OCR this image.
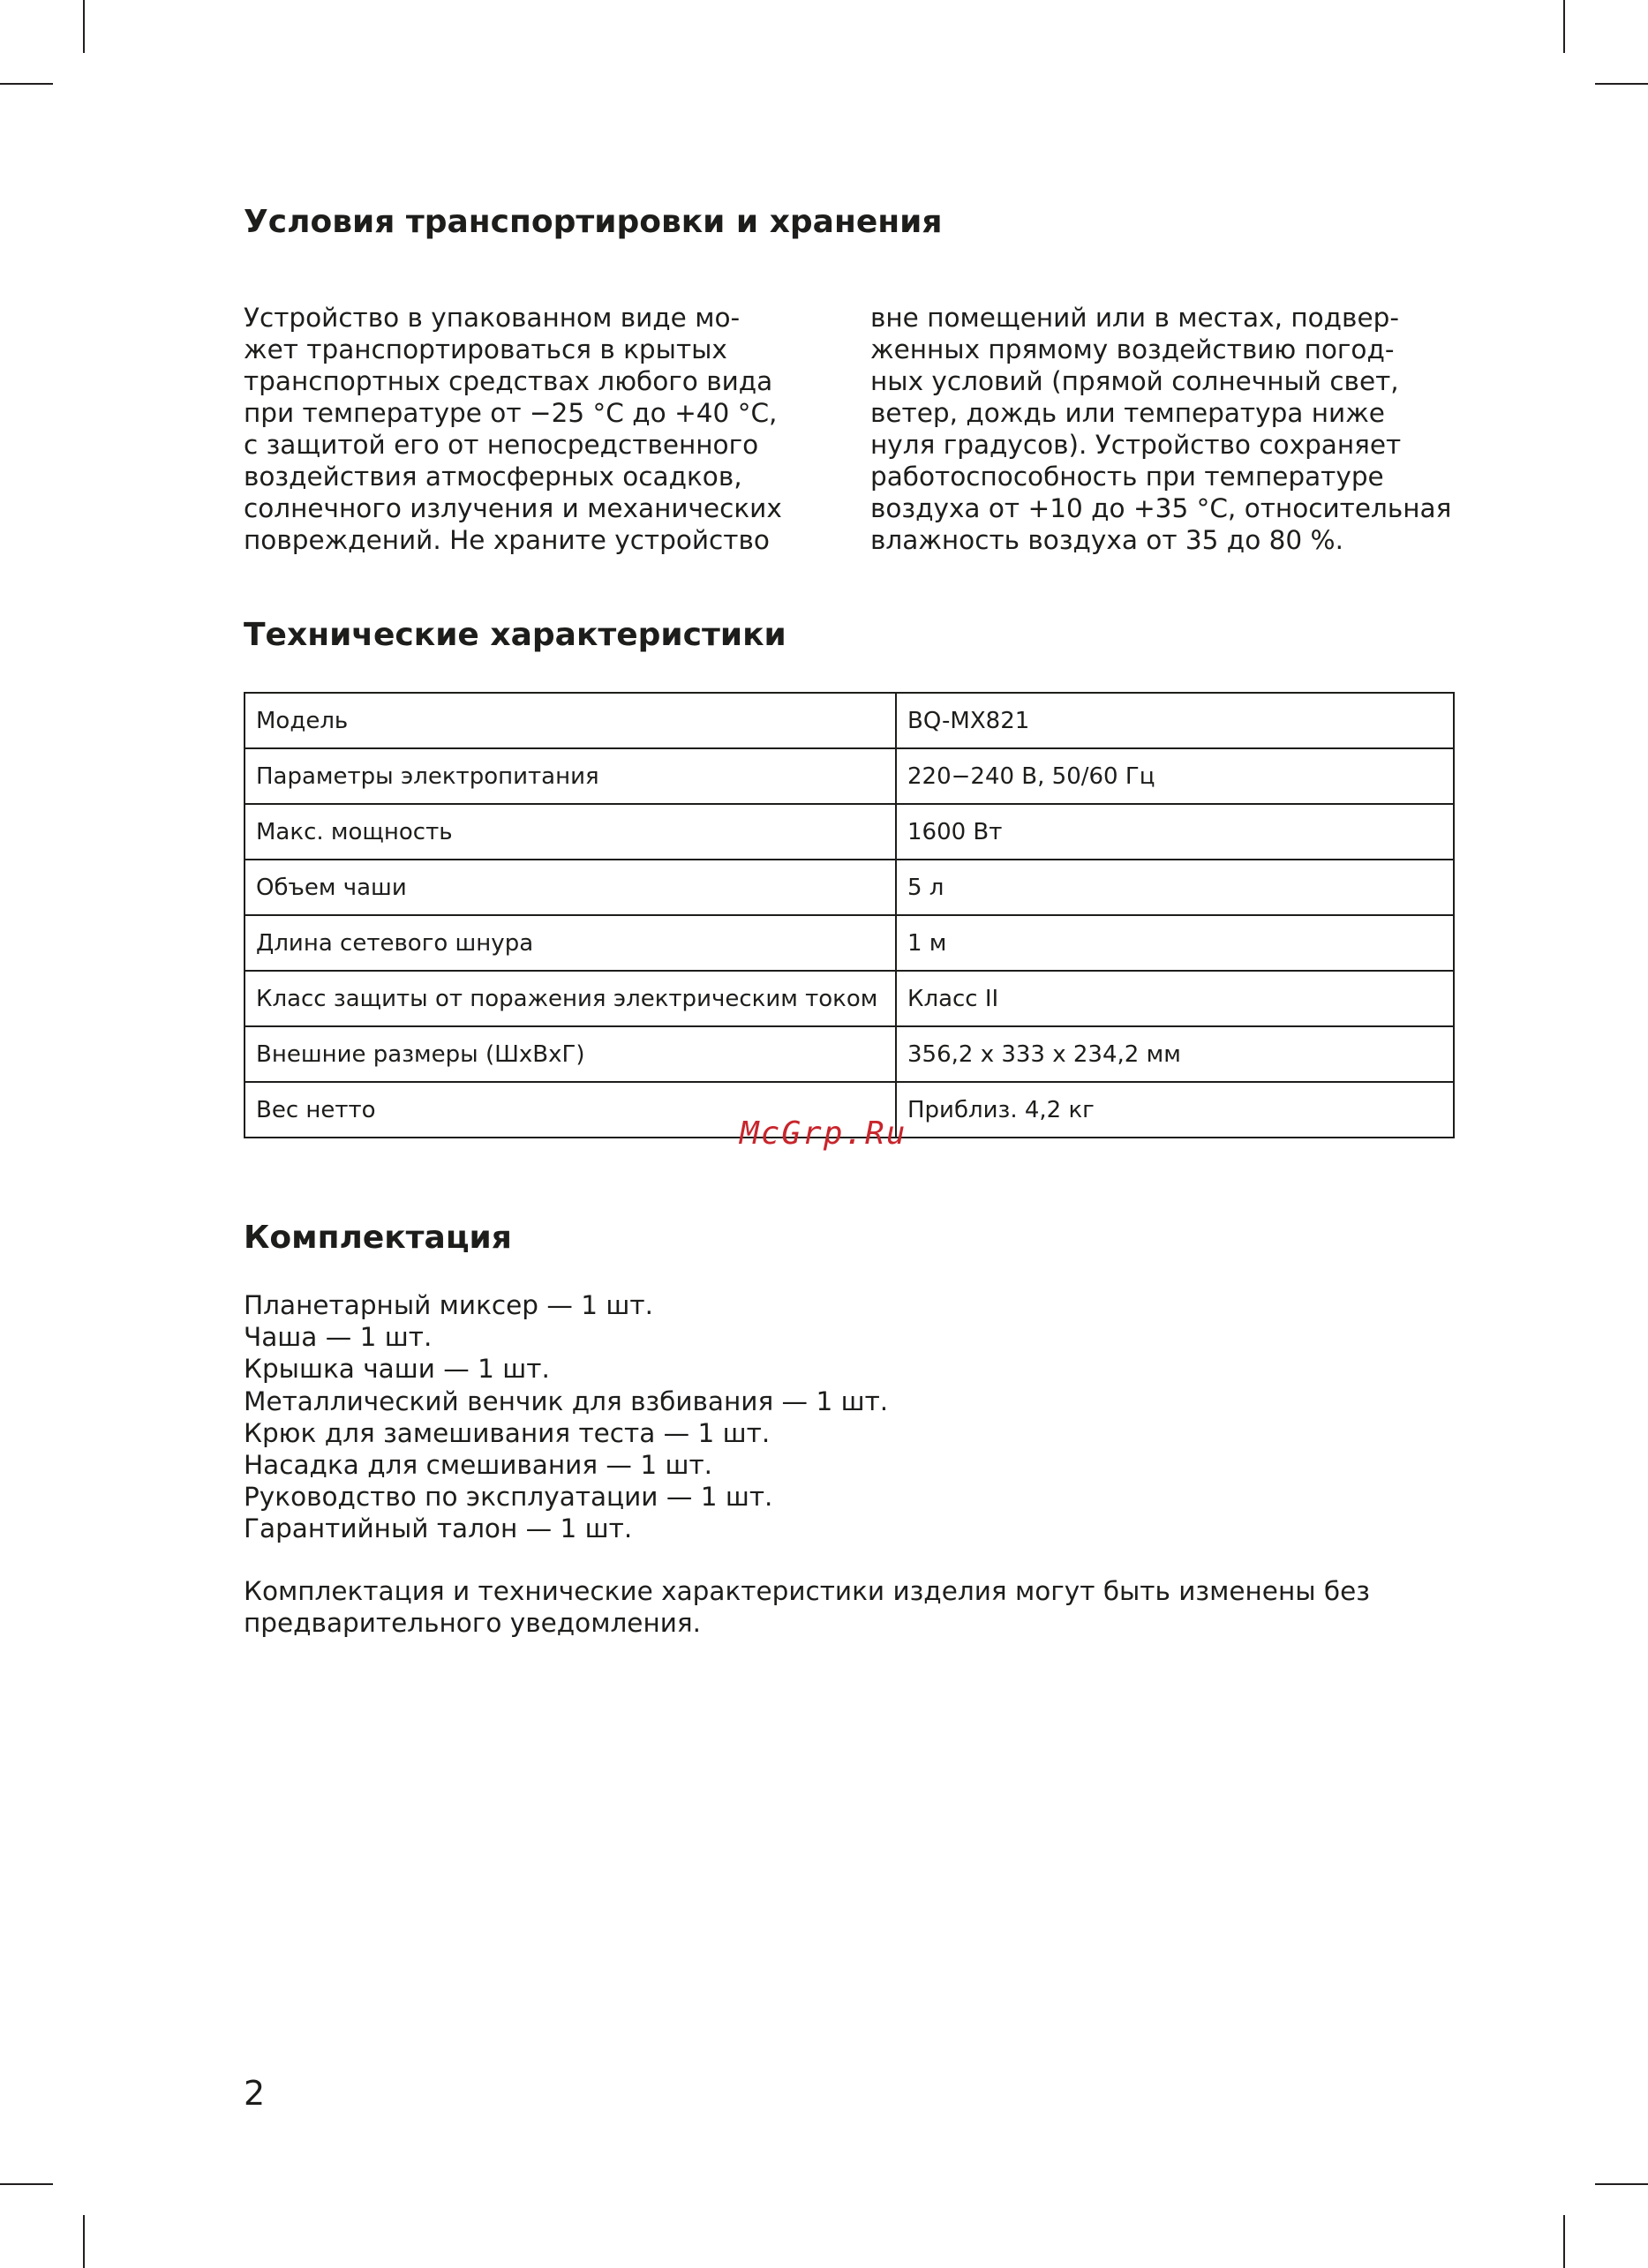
Условия транспортировки и хранения

Устройство в упакованном виде мо-
жет транспортироваться в крытых
транспортных средствах любого вида
при температуре от −25 °C до +40 °C,
с защитой его от непосредственного
воздействия атмосферных осадков,
солнечного излучения и механических
повреждений. Не храните устройство

вне помещений или в местах, подвер-
женных прямому воздействию погод-
ных условий (прямой солнечный свет,
ветер, дождь или температура ниже
нуля градусов). Устройство сохраняет
работоспособность при температуре
воздуха от +10 до +35 °C, относительная
влажность воздуха от 35 до 80 %.

Технические характеристики
Модель	BQ-MX821
Параметры электропитания	220−240 В, 50/60 Гц
Макс. мощность	1600 Вт
Объем чаши	5 л
Длина сетевого шнура	1 м
Класс защиты от поражения электрическим током	Класс II
Внешние размеры (ШхВхГ)	356,2 х 333 х 234,2 мм
Вес нетто	Приблиз. 4,2 кг
Комплектация
Планетарный миксер — 1 шт.
Чаша — 1 шт.
Крышка чаши — 1 шт.
Металлический венчик для взбивания — 1 шт.
Крюк для замешивания теста — 1 шт.
Насадка для смешивания — 1 шт.
Руководство по эксплуатации — 1 шт.
Гарантийный талон — 1 шт.

Комплектация и технические характеристики изделия могут быть изменены без
предварительного уведомления.

McGrp.Ru
2
